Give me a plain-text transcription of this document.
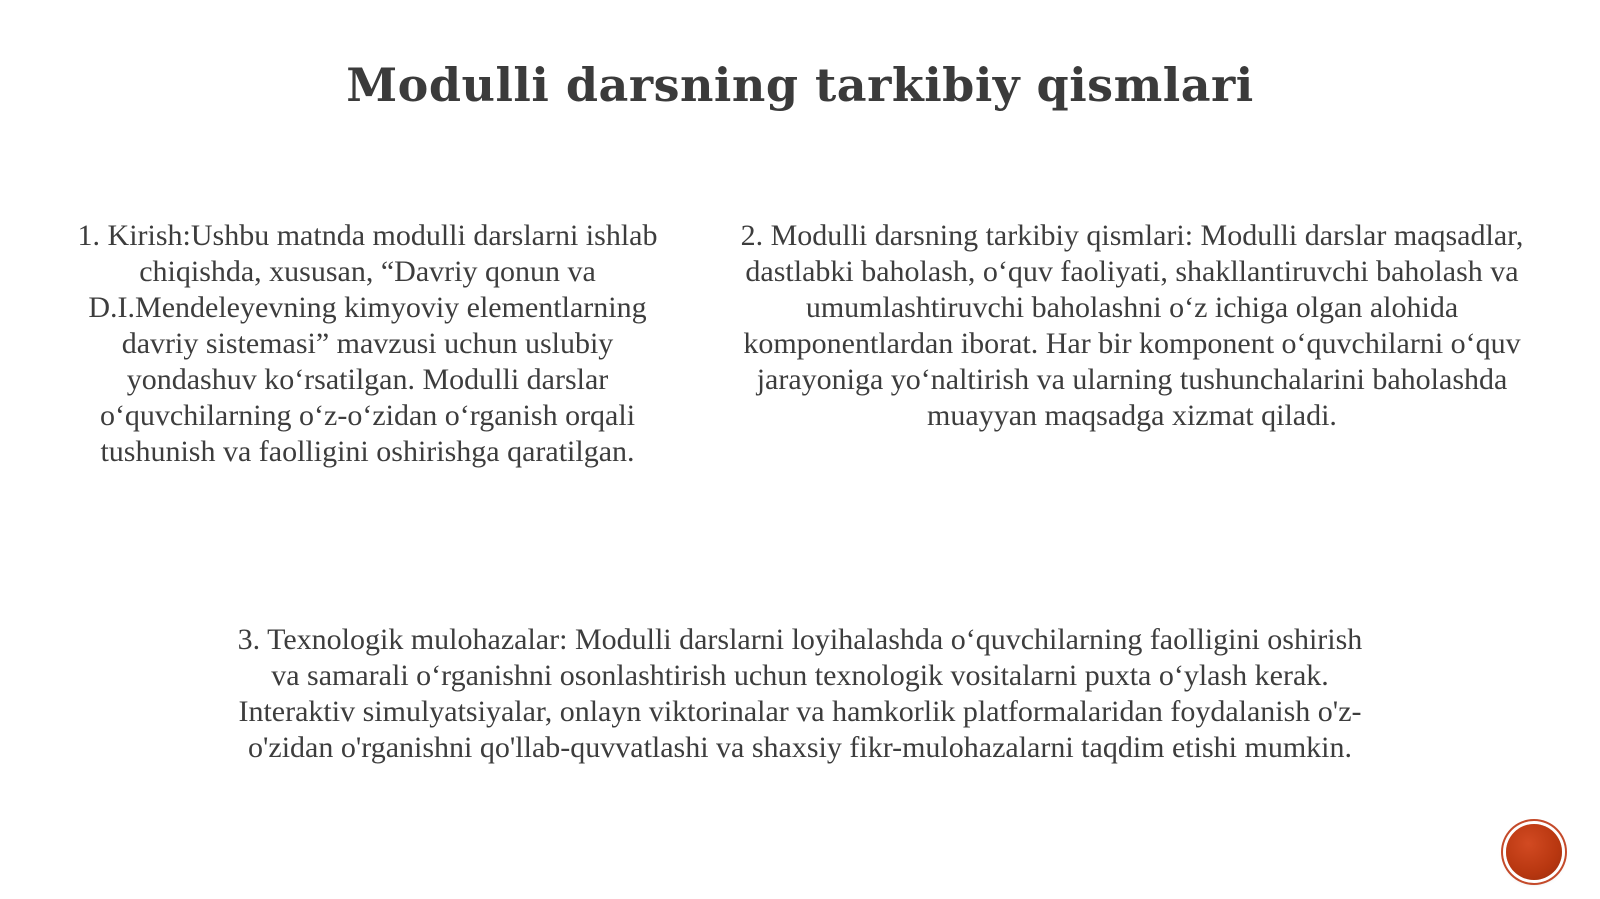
Modulli darsning tarkibiy qismlari

1. Kirish:Ushbu matnda modulli darslarni ishlab chiqishda, xususan, “Davriy qonun va D.I.Mendeleyevning kimyoviy elementlarning davriy sistemasi” mavzusi uchun uslubiy yondashuv koʻrsatilgan. Modulli darslar oʻquvchilarning oʻz-oʻzidan oʻrganish orqali tushunish va faolligini oshirishga qaratilgan.

2. Modulli darsning tarkibiy qismlari: Modulli darslar maqsadlar, dastlabki baholash, oʻquv faoliyati, shakllantiruvchi baholash va umumlashtiruvchi baholashni oʻz ichiga olgan alohida komponentlardan iborat. Har bir komponent oʻquvchilarni oʻquv jarayoniga yoʻnaltirish va ularning tushunchalarini baholashda muayyan maqsadga xizmat qiladi.

3. Texnologik mulohazalar: Modulli darslarni loyihalashda oʻquvchilarning faolligini oshirish va samarali oʻrganishni osonlashtirish uchun texnologik vositalarni puxta oʻylash kerak. Interaktiv simulyatsiyalar, onlayn viktorinalar va hamkorlik platformalaridan foydalanish o'z-o'zidan o'rganishni qo'llab-quvvatlashi va shaxsiy fikr-mulohazalarni taqdim etishi mumkin.
